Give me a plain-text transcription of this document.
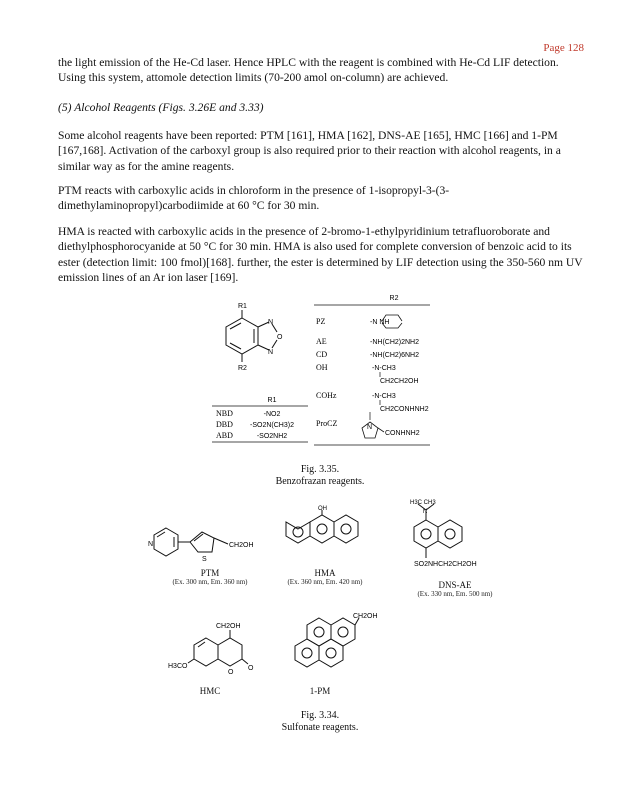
Page 128

the light emission of the He-Cd laser. Hence HPLC with the reagent is combined with He-Cd LIF detection. Using this system, attomole detection limits (70-200 amol on-column) are achieved.

(5) Alcohol Reagents (Figs. 3.26E and 3.33)

Some alcohol reagents have been reported: PTM [161], HMA [162], DNS-AE [165], HMC [166] and 1-PM [167,168]. Activation of the carboxyl group is also required prior to their reaction with alcohol reagents, in a similar way as for the amine reagents.

PTM reacts with carboxylic acids in chloroform in the presence of 1-isopropyl-3-(3-dimethylaminopropyl)carbodiimide at 60 °C for 30 min.

HMA is reacted with carboxylic acids in the presence of 2-bromo-1-ethylpyridinium tetrafluoroborate and diethylphosphorocyanide at 50 °C for 30 min. HMA is also used for complete conversion of benzoic acid to its ester (detection limit: 100 fmol)[168]. further, the ester is determined by LIF detection using the 350-560 nm UV emission lines of an Ar ion laser [169].

R1
N
O
N
R2
R1
NBD	-NO2
DBD -SO2N(CH3)2
ABD	-SO2NH2
R2
PZ	-N NH
AE	-NH(CH2)2NH2
CD	-NH(CH2)6NH2
OH	-N-CH3
CH2CH2OH
COHz	-N-CH3
CH2CONHNH2
ProCZ	N
CONHNH2
Fig. 3.35.
Benzofrazan reagents.
N
S
CH2OH
OH
H3C CH3
N
SO2NHCH2CH2OH
PTM
(Ex. 300 nm, Em. 360 nm)
HMA
(Ex. 360 nm, Em. 420 nm)	DNS-AE
(Ex. 330 nm, Em. 500 nm)
CH2OH
H3CO
O
O
CH2OH
HMC	1-PM
Fig. 3.34.
Sulfonate reagents.
